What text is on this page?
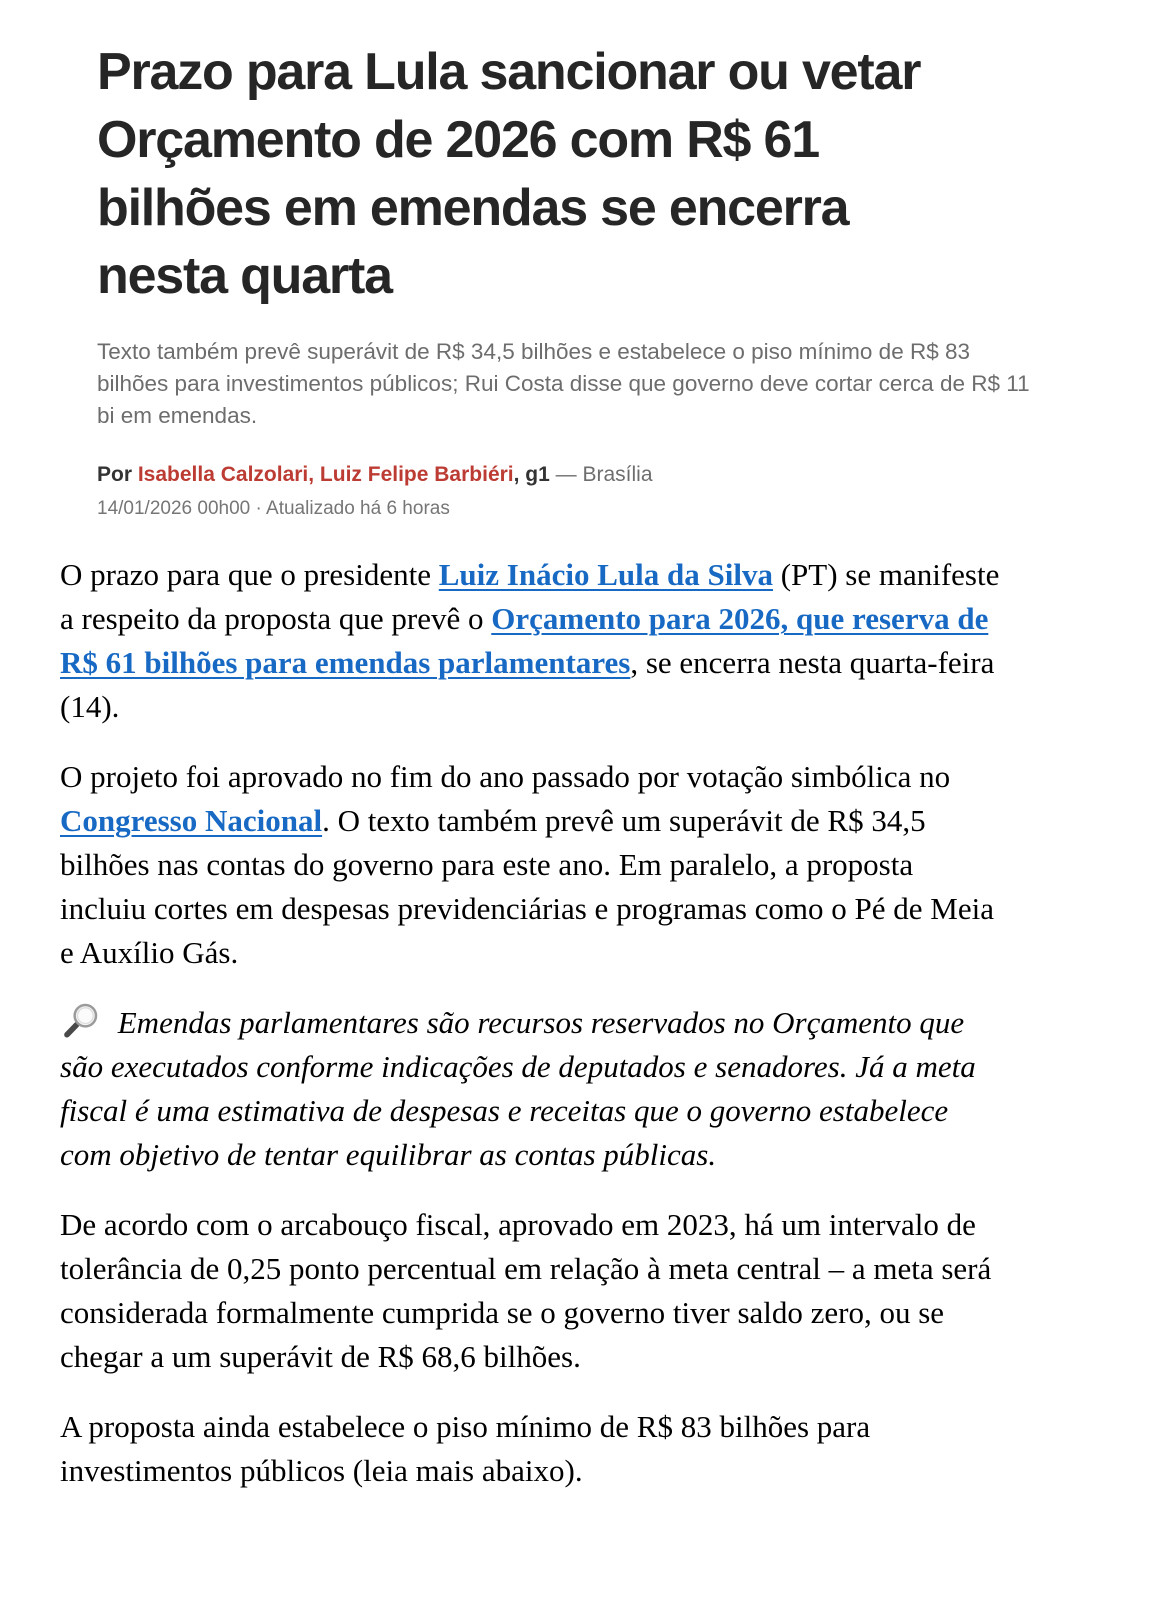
Prazo para Lula sancionar ou vetar Orçamento de 2026 com R$ 61 bilhões em emendas se encerra nesta quarta

Texto também prevê superávit de R$ 34,5 bilhões e estabelece o piso mínimo de R$ 83 bilhões para investimentos públicos; Rui Costa disse que governo deve cortar cerca de R$ 11 bi em emendas.

Por Isabella Calzolari, Luiz Felipe Barbiéri, g1 — Brasília
14/01/2026 00h00 · Atualizado há 6 horas

O prazo para que o presidente Luiz Inácio Lula da Silva (PT) se manifeste a respeito da proposta que prevê o Orçamento para 2026, que reserva de R$ 61 bilhões para emendas parlamentares, se encerra nesta quarta-feira (14).

O projeto foi aprovado no fim do ano passado por votação simbólica no Congresso Nacional. O texto também prevê um superávit de R$ 34,5 bilhões nas contas do governo para este ano. Em paralelo, a proposta incluiu cortes em despesas previdenciárias e programas como o Pé de Meia e Auxílio Gás.

Emendas parlamentares são recursos reservados no Orçamento que são executados conforme indicações de deputados e senadores. Já a meta fiscal é uma estimativa de despesas e receitas que o governo estabelece com objetivo de tentar equilibrar as contas públicas.

De acordo com o arcabouço fiscal, aprovado em 2023, há um intervalo de tolerância de 0,25 ponto percentual em relação à meta central – a meta será considerada formalmente cumprida se o governo tiver saldo zero, ou se chegar a um superávit de R$ 68,6 bilhões.

A proposta ainda estabelece o piso mínimo de R$ 83 bilhões para investimentos públicos (leia mais abaixo).
